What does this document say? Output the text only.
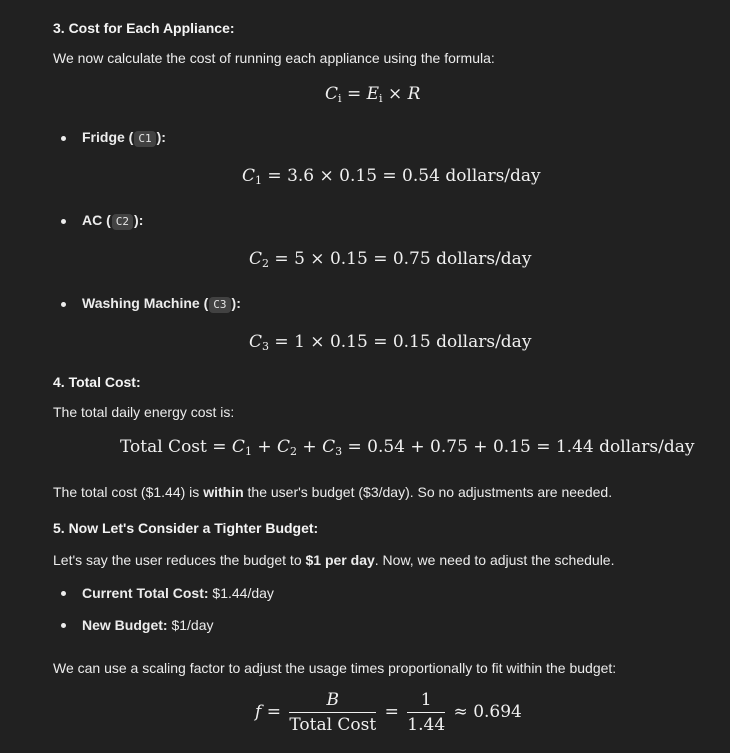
3. Cost for Each Appliance:
We now calculate the cost of running each appliance using the formula:
$C_i = E_i \times R$
Fridge ( C1 ):
$C_1 = 3.6 \times 0.15 = 0.54$ dollars/day
AC ( C2 ):
$C_2 = 5 \times 0.15 = 0.75$ dollars/day
Washing Machine ( C3 ):
$C_3 = 1 \times 0.15 = 0.15$ dollars/day
4. Total Cost:
The total daily energy cost is:
Total Cost = $C_1 + C_2 + C_3 = 0.54 + 0.75 + 0.15 = 1.44$ dollars/day
The total cost ($1.44) is within the user's budget ($3/day). So no adjustments are needed.
5. Now Let's Consider a Tighter Budget:
Let's say the user reduces the budget to $1 per day. Now, we need to adjust the schedule.
Current Total Cost: $1.44/day
New Budget: $1/day
We can use a scaling factor to adjust the usage times proportionally to fit within the budget:
$f = \frac{B}{\text{Total Cost}} = \frac{1}{1.44} \approx 0.694$
